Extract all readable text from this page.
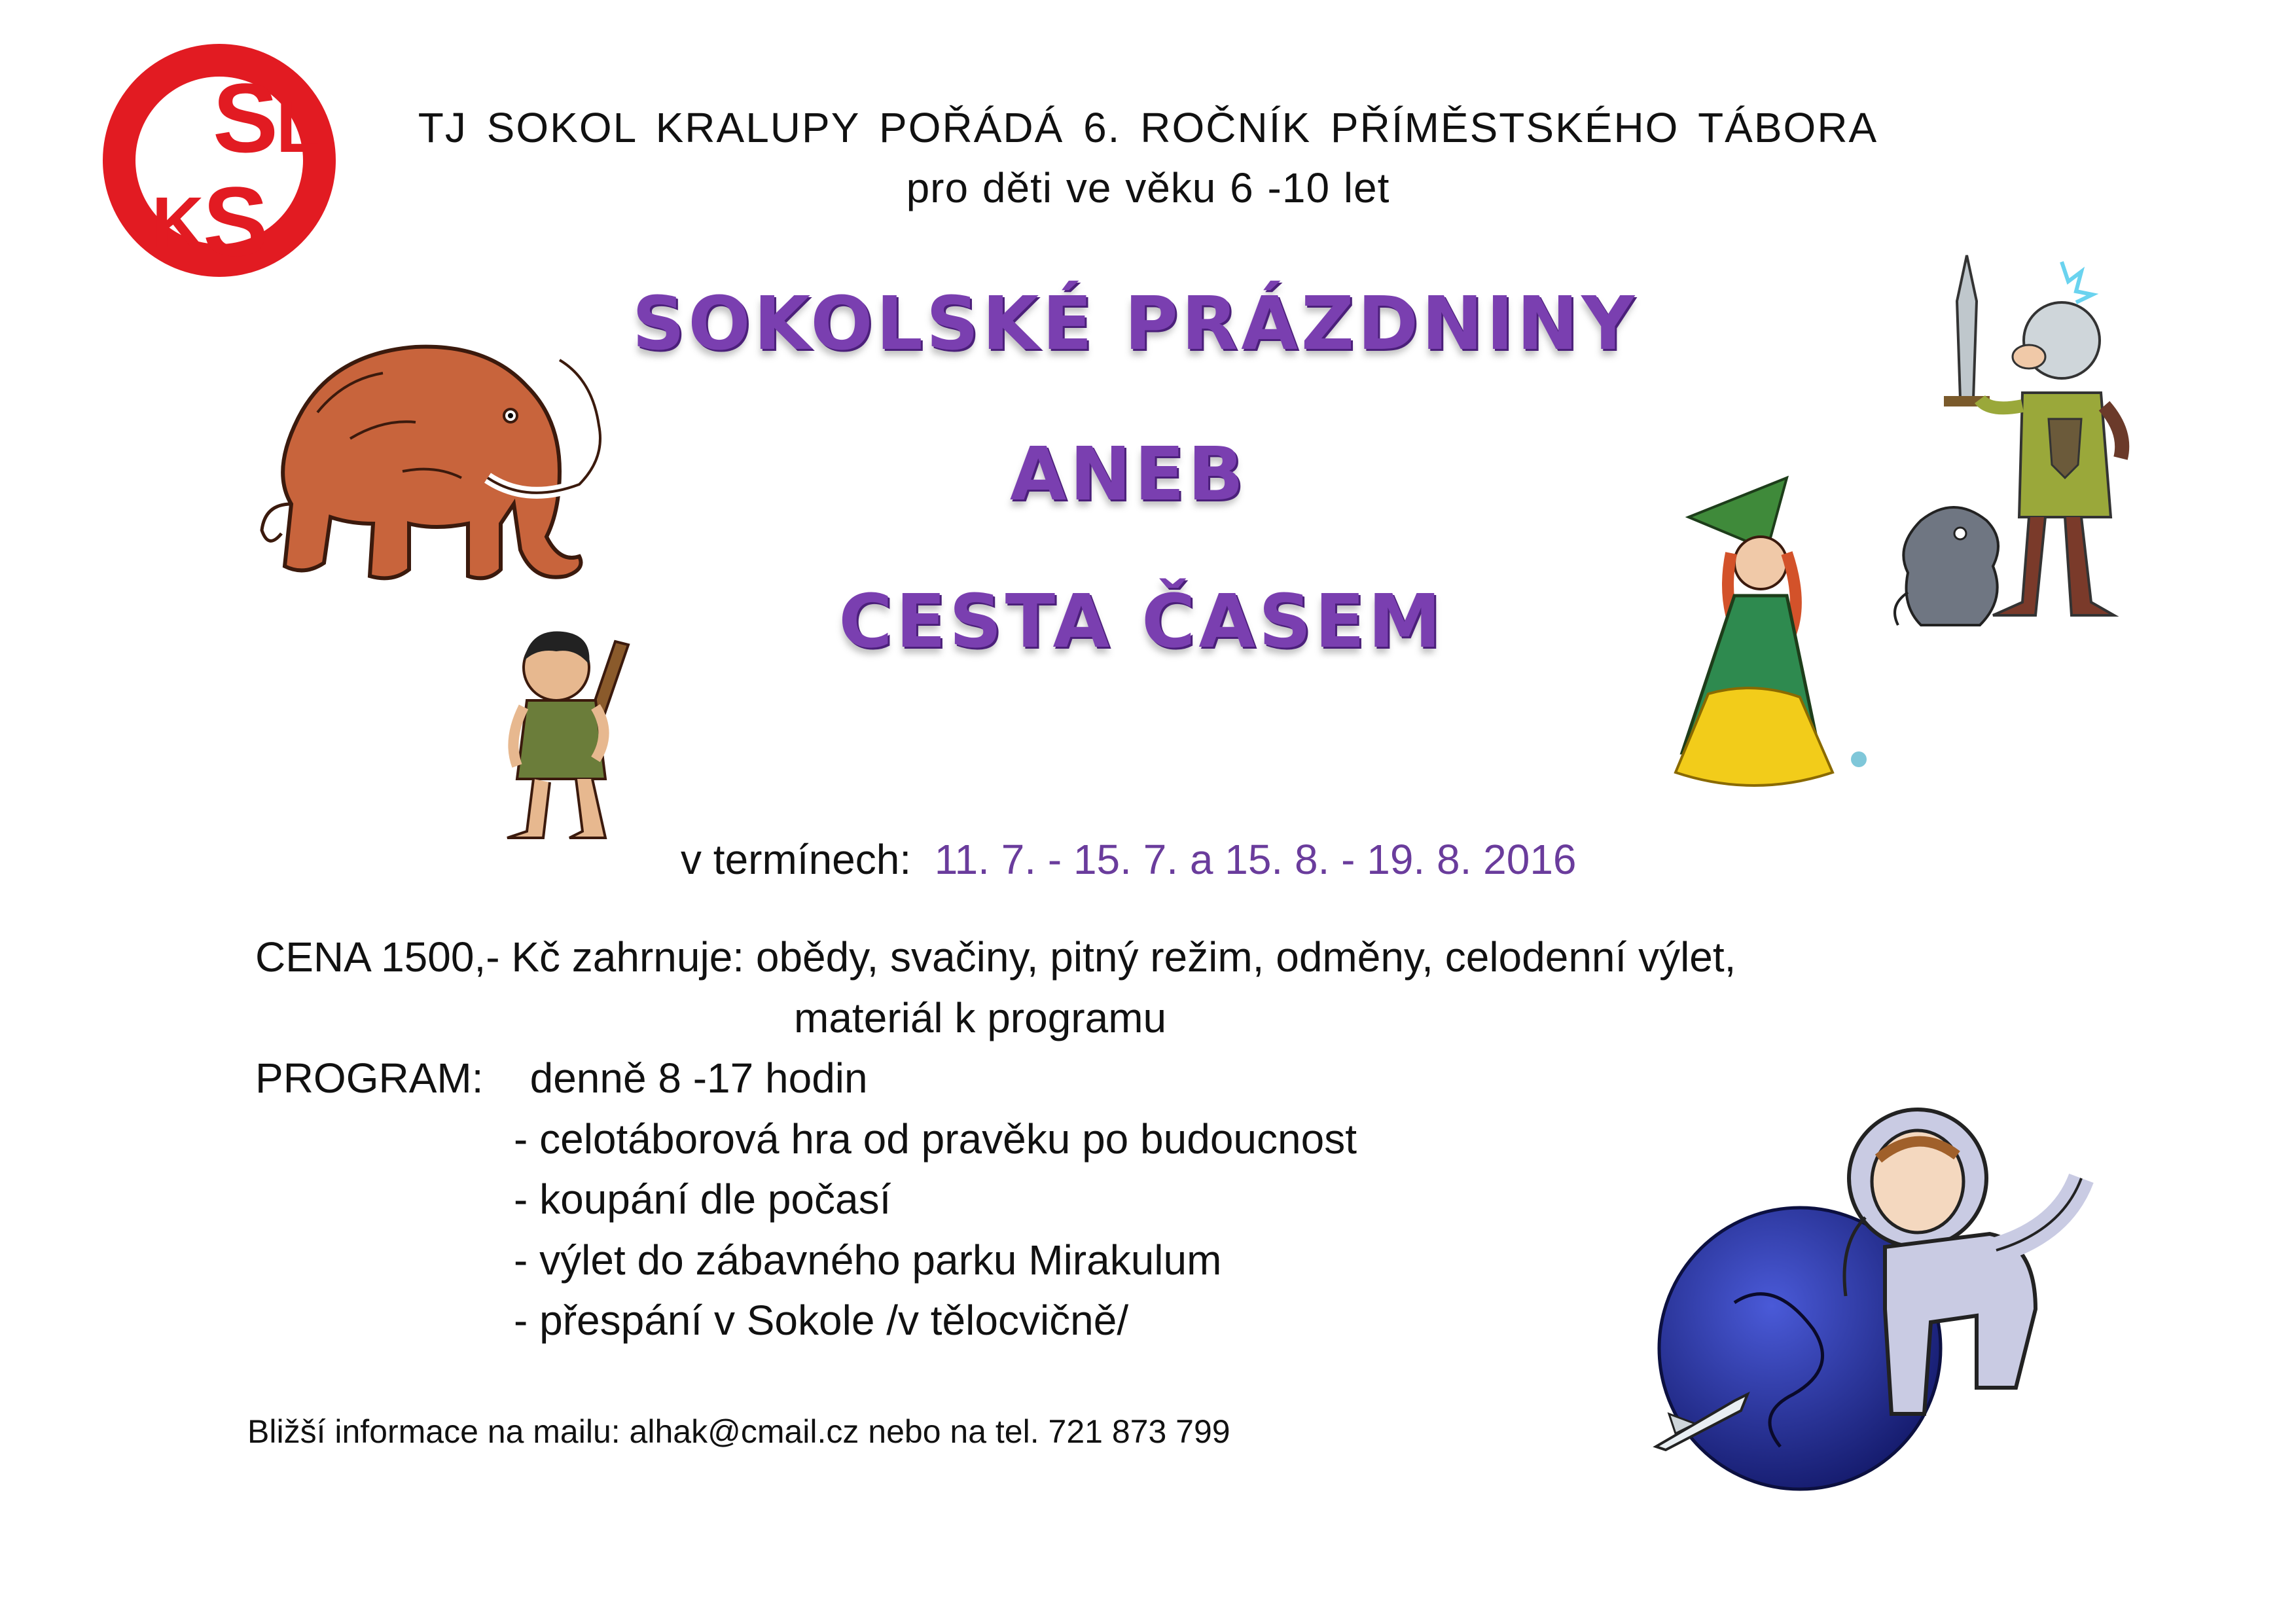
S
L
K
S
TJ SOKOL KRALUPY POŘÁDÁ 6. ROČNÍK PŘÍMĚSTSKÉHO TÁBORA
pro děti ve věku 6 -10 let
SOKOLSKÉ PRÁZDNINY
ANEB
CESTA ČASEM
v termínech: 11. 7. - 15. 7. a 15. 8. - 19. 8. 2016
CENA 1500,- Kč zahrnuje: obědy, svačiny, pitný režim, odměny, celodenní výlet,
materiál k programu
PROGRAM: denně 8 -17 hodin
- celotáborová hra od pravěku po budoucnost
- koupání dle počasí
- výlet do zábavného parku Mirakulum
- přespání v Sokole /v tělocvičně/
Bližší informace na mailu: alhak@cmail.cz nebo na tel. 721 873 799
